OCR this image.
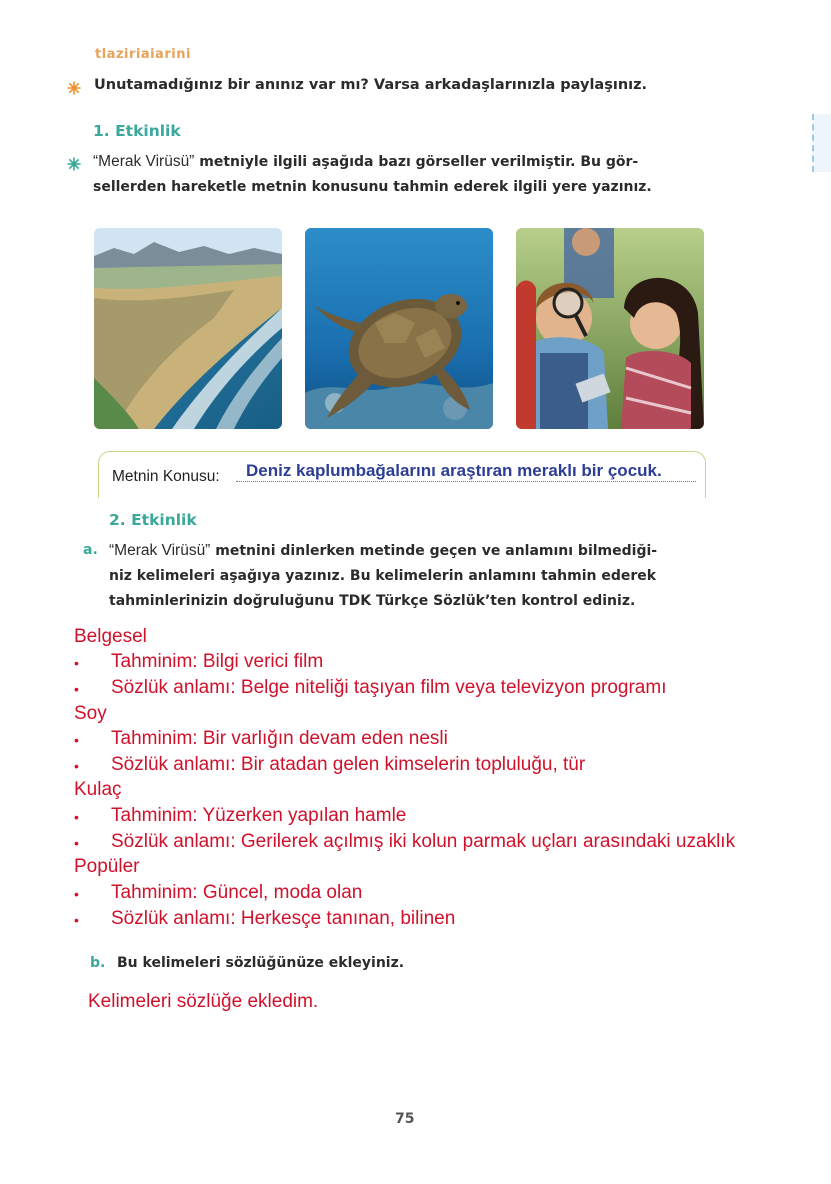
tlaziriaiarini
Unutamadığınız bir anınız var mı? Varsa arkadaşlarınızla paylaşınız.
1. Etkinlik
“Merak Virüsü” metniyle ilgili aşağıda bazı görseller verilmiştir. Bu gör-
sellerden hareketle metnin konusunu tahmin ederek ilgili yere yazınız.
Metnin Konusu: Deniz kaplumbağalarını araştıran meraklı bir çocuk.
2. Etkinlik
a. “Merak Virüsü” metnini dinlerken metinde geçen ve anlamını bilmediği-
niz kelimeleri aşağıya yazınız. Bu kelimelerin anlamını tahmin ederek
tahminlerinizin doğruluğunu TDK Türkçe Sözlük’ten kontrol ediniz.
Belgesel
• Tahminim: Bilgi verici film
• Sözlük anlamı: Belge niteliği taşıyan film veya televizyon programı
Soy
• Tahminim: Bir varlığın devam eden nesli
• Sözlük anlamı: Bir atadan gelen kimselerin topluluğu, tür
Kulaç
• Tahminim: Yüzerken yapılan hamle
• Sözlük anlamı: Gerilerek açılmış iki kolun parmak uçları arasındaki uzaklık
Popüler
• Tahminim: Güncel, moda olan
• Sözlük anlamı: Herkesçe tanınan, bilinen
b. Bu kelimeleri sözlüğünüze ekleyiniz.
Kelimeleri sözlüğe ekledim.
75
